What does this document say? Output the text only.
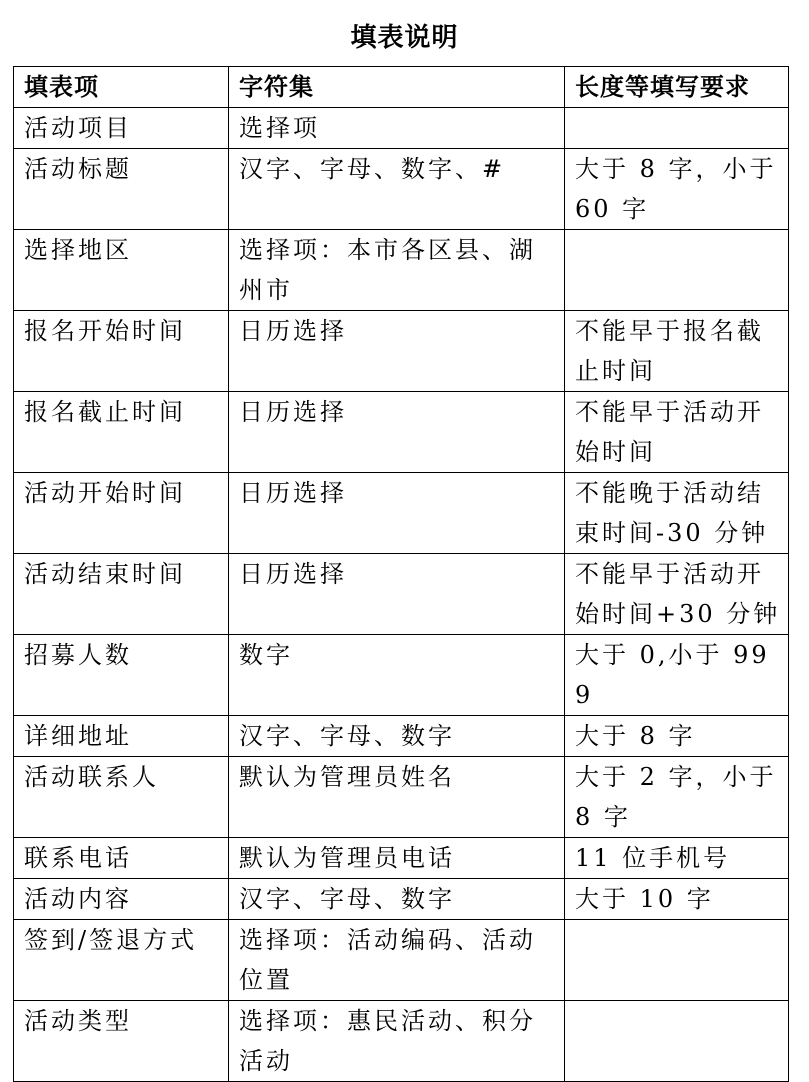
填表说明
填表项	字符集	长度等填写要求
活动项目	选择项	
活动标题	汉字、字母、数字、#	大于 8 字，小于 60 字
选择地区	选择项：本市各区县、湖州市	
报名开始时间	日历选择	不能早于报名截止时间
报名截止时间	日历选择	不能早于活动开始时间
活动开始时间	日历选择	不能晚于活动结束时间-30 分钟
活动结束时间	日历选择	不能早于活动开始时间+30 分钟
招募人数	数字	大于 0,小于 999
详细地址	汉字、字母、数字	大于 8 字
活动联系人	默认为管理员姓名	大于 2 字，小于 8 字
联系电话	默认为管理员电话	11 位手机号
活动内容	汉字、字母、数字	大于 10 字
签到/签退方式	选择项：活动编码、活动位置	
活动类型	选择项：惠民活动、积分活动	
